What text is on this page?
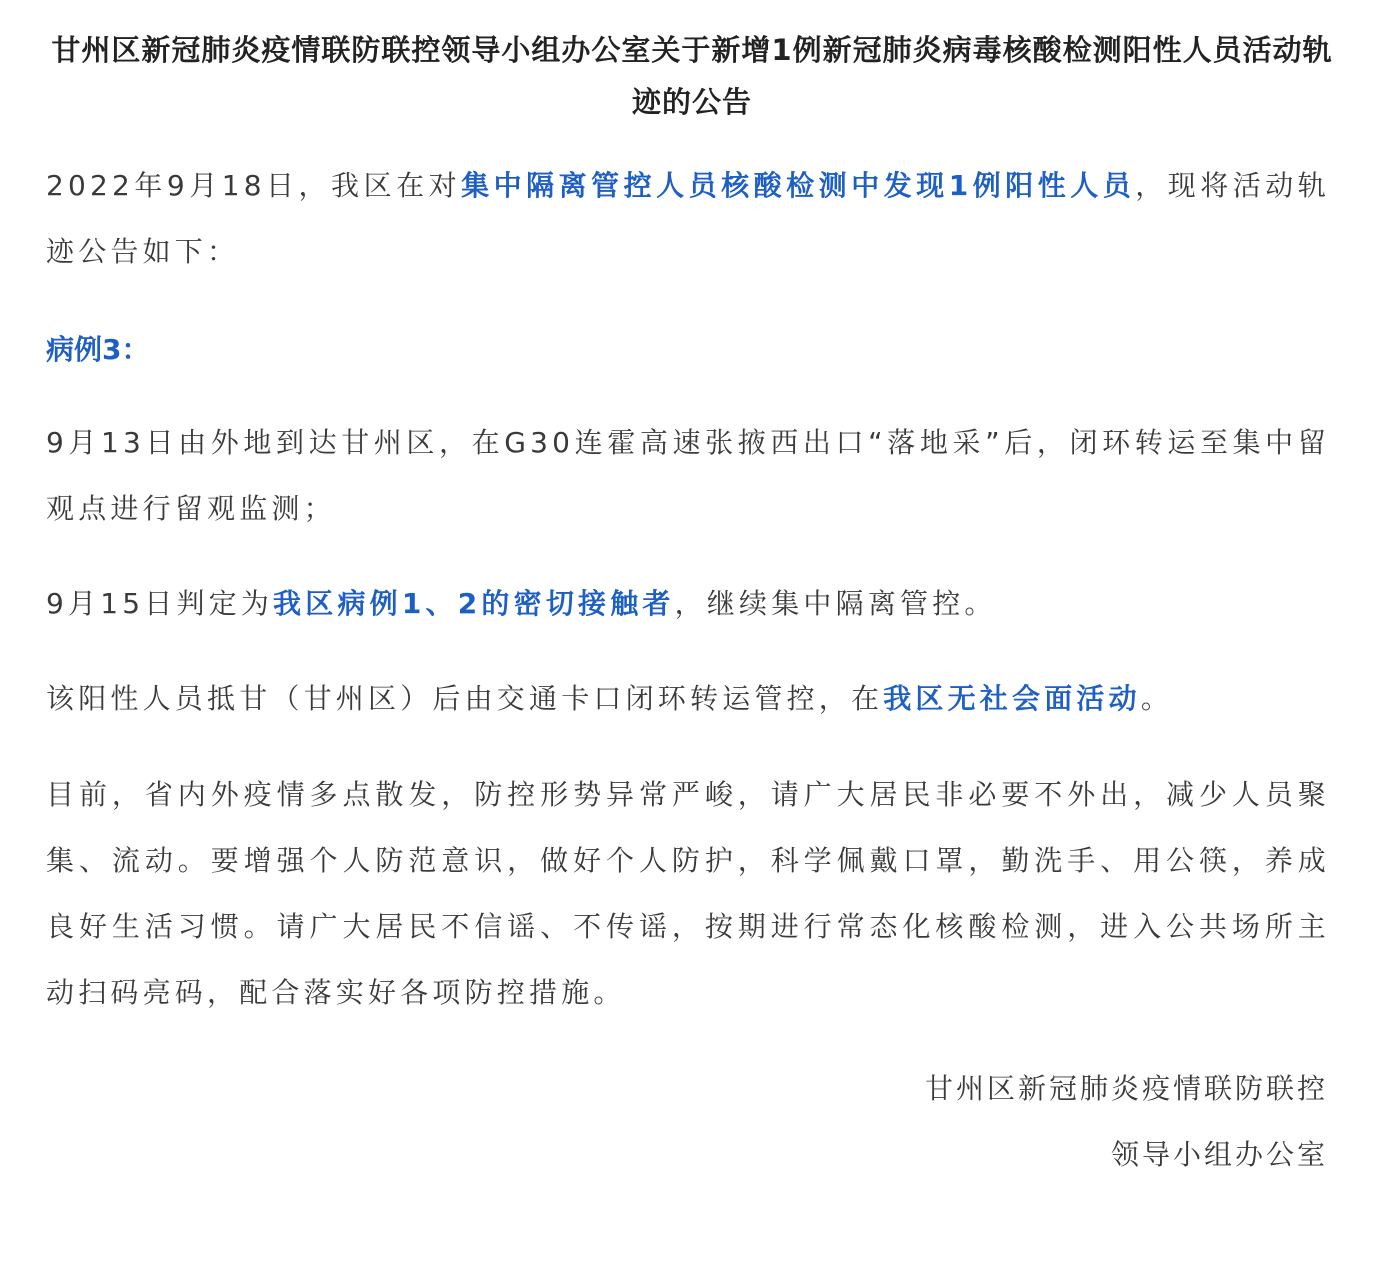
甘州区新冠肺炎疫情联防联控领导小组办公室关于新增1例新冠肺炎病毒核酸检测阳性人员活动轨迹的公告
2022年9月18日，我区在对集中隔离管控人员核酸检测中发现1例阳性人员，现将活动轨迹公告如下：
病例3：
9月13日由外地到达甘州区，在G30连霍高速张掖西出口“落地采”后，闭环转运至集中留观点进行留观监测；
9月15日判定为我区病例1、2的密切接触者，继续集中隔离管控。
该阳性人员抵甘（甘州区）后由交通卡口闭环转运管控，在我区无社会面活动。
目前，省内外疫情多点散发，防控形势异常严峻，请广大居民非必要不外出，减少人员聚集、流动。要增强个人防范意识，做好个人防护，科学佩戴口罩，勤洗手、用公筷，养成良好生活习惯。请广大居民不信谣、不传谣，按期进行常态化核酸检测，进入公共场所主动扫码亮码，配合落实好各项防控措施。
甘州区新冠肺炎疫情联防联控
领导小组办公室
